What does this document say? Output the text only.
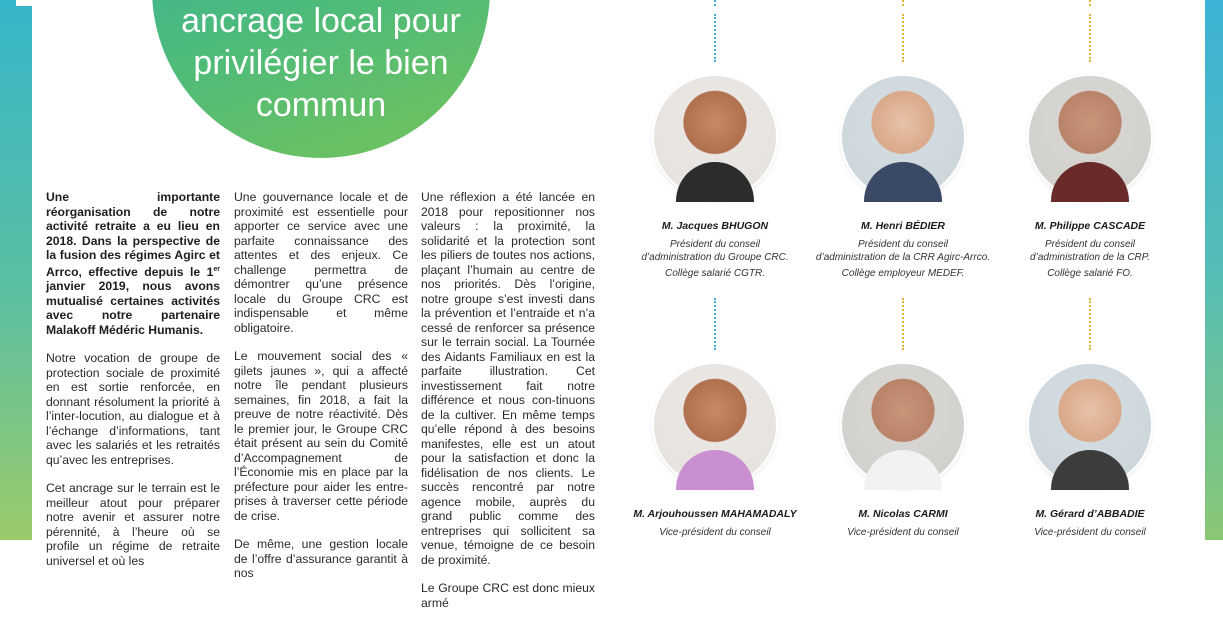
ancrage local pour
privilégier le bien
commun

Une importante réorganisation de notre activité retraite a eu lieu en 2018. Dans la perspective de la fusion des régimes Agirc et Arrco, effective depuis le 1er janvier 2019, nous avons mutualisé certaines activités avec notre partenaire Malakoff Médéric Humanis.

Notre vocation de groupe de protection sociale de proximité en est sortie renforcée, en donnant résolument la priorité à l’inter-locution, au dialogue et à l’échange d’informations, tant avec les salariés et les retraités qu’avec les entreprises.

Cet ancrage sur le terrain est le meilleur atout pour préparer notre avenir et assurer notre pérennité, à l’heure où se profile un régime de retraite universel et où les

Une gouvernance locale et de proximité est essentielle pour apporter ce service avec une parfaite connaissance des attentes et des enjeux. Ce challenge permettra de démontrer qu’une présence locale du Groupe CRC est indispensable et même obligatoire.

Le mouvement social des « gilets jaunes », qui a affecté notre île pendant plusieurs semaines, fin 2018, a fait la preuve de notre réactivité. Dès le premier jour, le Groupe CRC était présent au sein du Comité d’Accompagnement de l’Économie mis en place par la préfecture pour aider les entre-prises à traverser cette période de crise.

De même, une gestion locale de l’offre d’assurance garantit à nos

Une réflexion a été lancée en 2018 pour repositionner nos valeurs : la proximité, la solidarité et la protection sont les piliers de toutes nos actions, plaçant l’humain au centre de nos priorités. Dès l’origine, notre groupe s’est investi dans la prévention et l’entraide et n’a cessé de renforcer sa présence sur le terrain social. La Tournée des Aidants Familiaux en est la parfaite illustration. Cet investissement fait notre différence et nous con-tinuons de la cultiver. En même temps qu’elle répond à des besoins manifestes, elle est un atout pour la satisfaction et donc la fidélisation de nos clients. Le succès rencontré par notre agence mobile, auprès du grand public comme des entreprises qui sollicitent sa venue, témoigne de ce besoin de proximité.

Le Groupe CRC est donc mieux armé

M. Jacques BHUGON
Président du conseil
d’administration du Groupe CRC.
Collège salarié CGTR.
M. Henri BÉDIER
Président du conseil
d’administration de la CRR Agirc-Arrco.
Collège employeur MEDEF.
M. Philippe CASCADE
Président du conseil
d’administration de la CRP.
Collège salarié FO.
M. Arjouhoussen MAHAMADALY
Vice-président du conseil
M. Nicolas CARMI
Vice-président du conseil
M. Gérard d’ABBADIE
Vice-président du conseil
